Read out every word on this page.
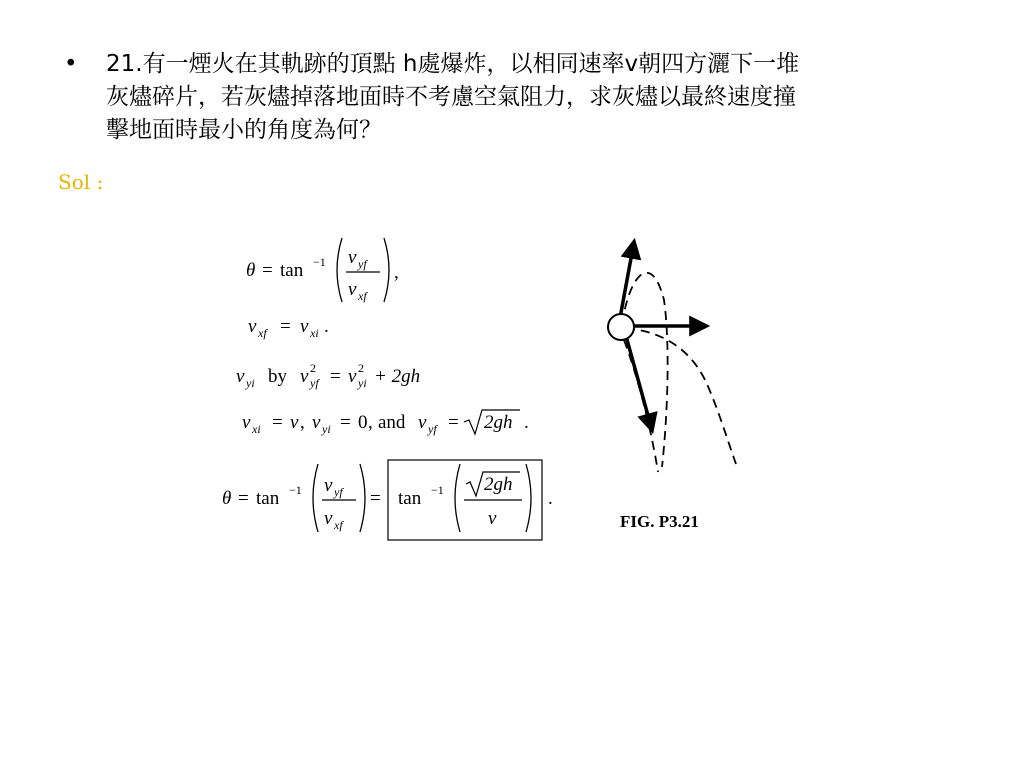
• 21.有一煙火在其軌跡的頂點 h處爆炸，以相同速率v朝四方灑下一堆
灰燼碎片，若灰燼掉落地面時不考慮空氣阻力，求灰燼以最終速度撞
擊地面時最小的角度為何？
Sol :
θ = tan −1 v yf
v xf
,
v xf = v xi .
v yi by v 2
yf = v 2
yi + 2gh
v xi = v , v yi = 0 , and v yf = 2gh .
θ = tan −1 v yf
v xf
= tan −1 2gh
v
.
FIG. P3.21
